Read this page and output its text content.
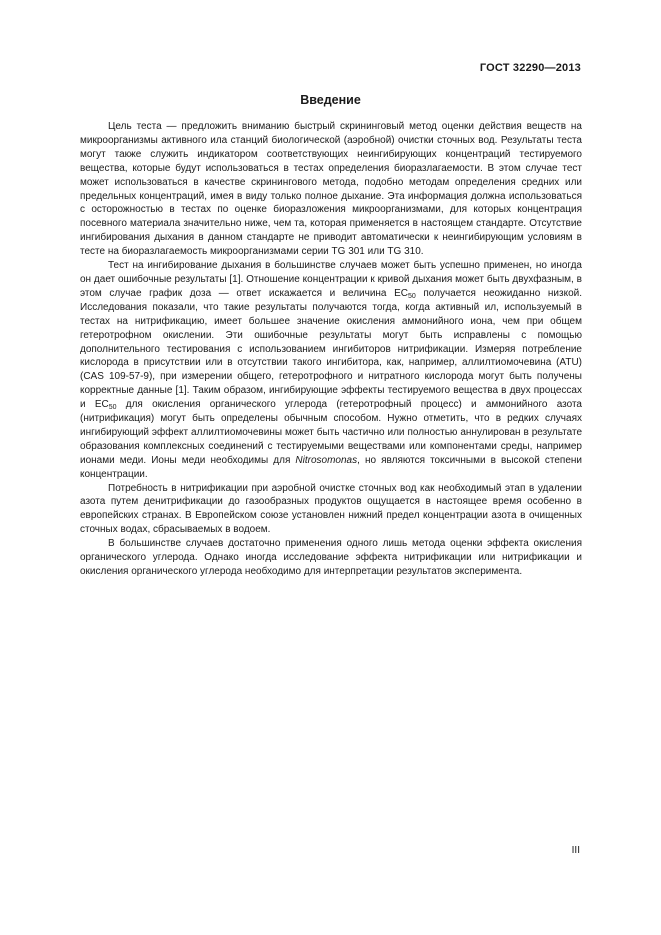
ГОСТ 32290—2013
Введение

Цель теста — предложить вниманию быстрый скрининговый метод оценки действия веществ на микроорганизмы активного ила станций биологической (аэробной) очистки сточных вод. Результаты теста могут также служить индикатором соответствующих неингибирующих концентраций тестируемого вещества, которые будут использоваться в тестах определения биоразлагаемости. В этом случае тест может использоваться в качестве скринингового метода, подобно методам определения средних или предельных концентраций, имея в виду только полное дыхание. Эта информация должна использоваться с осторожностью в тестах по оценке биоразложения микроорганизмами, для которых концентрация посевного материала значительно ниже, чем та, которая применяется в настоящем стандарте. Отсутствие ингибирования дыхания в данном стандарте не приводит автоматически к неингибирующим условиям в тесте на биоразлагаемость микроорганизмами серии TG 301 или TG 310.

Тест на ингибирование дыхания в большинстве случаев может быть успешно применен, но иногда он дает ошибочные результаты [1]. Отношение концентрации к кривой дыхания может быть двухфазным, в этом случае график доза — ответ искажается и величина $EC_{50}$ получается неожиданно низкой. Исследования показали, что такие результаты получаются тогда, когда активный ил, используемый в тестах на нитрификацию, имеет большее значение окисления аммонийного иона, чем при общем гетеротрофном окислении. Эти ошибочные результаты могут быть исправлены с помощью дополнительного тестирования с использованием ингибиторов нитрификации. Измеряя потребление кислорода в присутствии или в отсутствии такого ингибитора, как, например, аллилтиомочевина (ATU) (CAS 109-57-9), при измерении общего, гетеротрофного и нитратного кислорода могут быть получены корректные данные [1]. Таким образом, ингибирующие эффекты тестируемого вещества в двух процессах и $EC_{50}$ для окисления органического углерода (гетеротрофный процесс) и аммонийного азота (нитрификация) могут быть определены обычным способом. Нужно отметить, что в редких случаях ингибирующий эффект аллилтиомочевины может быть частично или полностью аннулирован в результате образования комплексных соединений с тестируемыми веществами или компонентами среды, например ионами меди. Ионы меди необходимы для Nitrosomonas, но являются токсичными в высокой степени концентрации.

Потребность в нитрификации при аэробной очистке сточных вод как необходимый этап в удалении азота путем денитрификации до газообразных продуктов ощущается в настоящее время особенно в европейских странах. В Европейском союзе установлен нижний предел концентрации азота в очищенных сточных водах, сбрасываемых в водоем.

В большинстве случаев достаточно применения одного лишь метода оценки эффекта окисления органического углерода. Однако иногда исследование эффекта нитрификации или нитрификации и окисления органического углерода необходимо для интерпретации результатов эксперимента.

III
